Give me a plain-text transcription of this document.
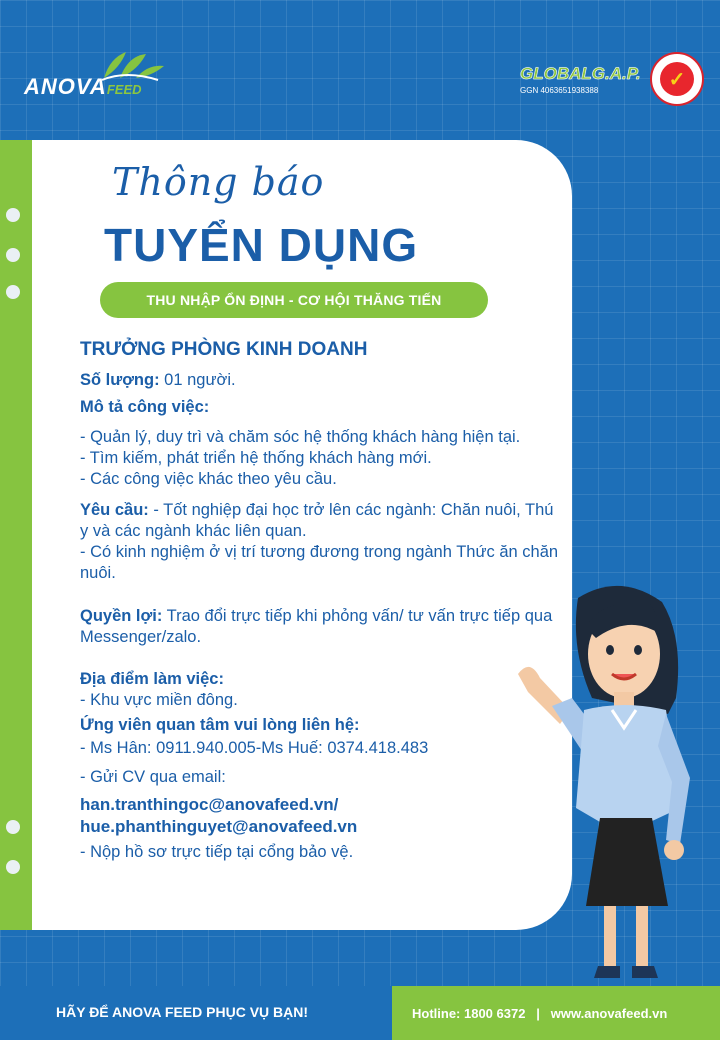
ANOVAFEED
GLOBALG.A.P.
GGN 4063651938388	✓
Thông báo
TUYỂN DỤNG
THU NHẬP ỔN ĐỊNH - CƠ HỘI THĂNG TIẾN
TRƯỞNG PHÒNG KINH DOANH
Số lượng: 01 người.
Mô tả công việc:
- Quản lý, duy trì và chăm sóc hệ thống khách hàng hiện tại.
- Tìm kiếm, phát triển hệ thống khách hàng mới.
- Các công việc khác theo yêu cầu.
Yêu cầu: - Tốt nghiệp đại học trở lên các ngành: Chăn nuôi, Thú y và các ngành khác liên quan.
- Có kinh nghiệm ở vị trí tương đương trong ngành Thức ăn chăn nuôi.
Quyền lợi: Trao đổi trực tiếp khi phỏng vấn/ tư vấn trực tiếp qua Messenger/zalo.
Địa điểm làm việc:
- Khu vực miền đông.
Ứng viên quan tâm vui lòng liên hệ:
- Ms Hân: 0911.940.005-Ms Huế: 0374.418.483
- Gửi CV qua email:
han.tranthingoc@anovafeed.vn/
hue.phanthinguyet@anovafeed.vn
- Nộp hồ sơ trực tiếp tại cổng bảo vệ.
HÃY ĐỂ ANOVA FEED PHỤC VỤ BẠN!	Hotline: 1800 6372   |   www.anovafeed.vn
